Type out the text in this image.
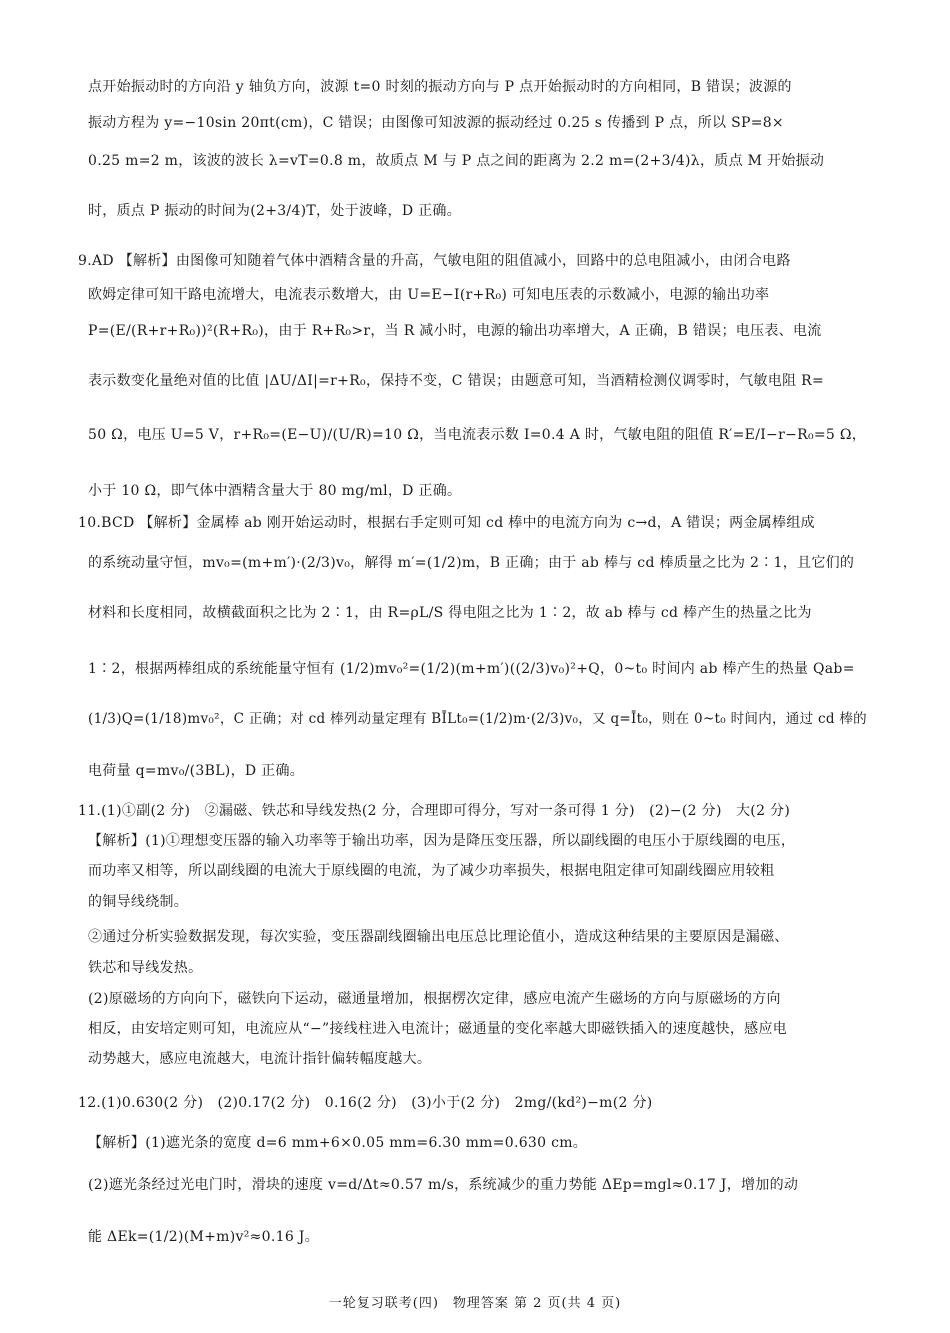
点开始振动时的方向沿 y 轴负方向，波源 t=0 时刻的振动方向与 P 点开始振动时的方向相同，B 错误；波源的
振动方程为 y=−10sin 20πt(cm)，C 错误；由图像可知波源的振动经过 0.25 s 传播到 P 点，所以 SP=8×
0.25 m=2 m，该波的波长 λ=vT=0.8 m，故质点 M 与 P 点之间的距离为 2.2 m=(2+3/4)λ，质点 M 开始振动
时，质点 P 振动的时间为(2+3/4)T，处于波峰，D 正确。
9.AD 【解析】由图像可知随着气体中酒精含量的升高，气敏电阻的阻值减小，回路中的总电阻减小，由闭合电路
欧姆定律可知干路电流增大，电流表示数增大，由 U=E−I(r+R₀) 可知电压表的示数减小，电源的输出功率
P=(E/(R+r+R₀))²(R+R₀)，由于 R+R₀>r，当 R 减小时，电源的输出功率增大，A 正确，B 错误；电压表、电流
表示数变化量绝对值的比值 |ΔU/ΔI|=r+R₀，保持不变，C 错误；由题意可知，当酒精检测仪调零时，气敏电阻 R=
50 Ω，电压 U=5 V，r+R₀=(E−U)/(U/R)=10 Ω，当电流表示数 I=0.4 A 时，气敏电阻的阻值 R′=E/I−r−R₀=5 Ω，
小于 10 Ω，即气体中酒精含量大于 80 mg/ml，D 正确。
10.BCD 【解析】金属棒 ab 刚开始运动时，根据右手定则可知 cd 棒中的电流方向为 c→d，A 错误；两金属棒组成
的系统动量守恒，mv₀=(m+m′)·(2/3)v₀，解得 m′=(1/2)m，B 正确；由于 ab 棒与 cd 棒质量之比为 2∶1，且它们的
材料和长度相同，故横截面积之比为 2∶1，由 R=ρL/S 得电阻之比为 1∶2，故 ab 棒与 cd 棒产生的热量之比为
1∶2，根据两棒组成的系统能量守恒有 (1/2)mv₀²=(1/2)(m+m′)((2/3)v₀)²+Q，0~t₀ 时间内 ab 棒产生的热量 Qab=
(1/3)Q=(1/18)mv₀²，C 正确；对 cd 棒列动量定理有 BĪLt₀=(1/2)m·(2/3)v₀，又 q=Īt₀，则在 0~t₀ 时间内，通过 cd 棒的
电荷量 q=mv₀/(3BL)，D 正确。
11.(1)①副(2 分)　②漏磁、铁芯和导线发热(2 分，合理即可得分，写对一条可得 1 分)　(2)−(2 分)　大(2 分)
【解析】(1)①理想变压器的输入功率等于输出功率，因为是降压变压器，所以副线圈的电压小于原线圈的电压，
而功率又相等，所以副线圈的电流大于原线圈的电流，为了减少功率损失，根据电阻定律可知副线圈应用较粗
的铜导线绕制。
②通过分析实验数据发现，每次实验，变压器副线圈输出电压总比理论值小，造成这种结果的主要原因是漏磁、
铁芯和导线发热。
(2)原磁场的方向向下，磁铁向下运动，磁通量增加，根据楞次定律，感应电流产生磁场的方向与原磁场的方向
相反，由安培定则可知，电流应从“−”接线柱进入电流计；磁通量的变化率越大即磁铁插入的速度越快，感应电
动势越大，感应电流越大，电流计指针偏转幅度越大。
12.(1)0.630(2 分)　(2)0.17(2 分)　0.16(2 分)　(3)小于(2 分)　2mg/(kd²)−m(2 分)
【解析】(1)遮光条的宽度 d=6 mm+6×0.05 mm=6.30 mm=0.630 cm。
(2)遮光条经过光电门时，滑块的速度 v=d/Δt≈0.57 m/s，系统减少的重力势能 ΔEp=mgl≈0.17 J，增加的动
能 ΔEk=(1/2)(M+m)v²≈0.16 J。
一轮复习联考(四)　物理答案 第 2 页(共 4 页)
